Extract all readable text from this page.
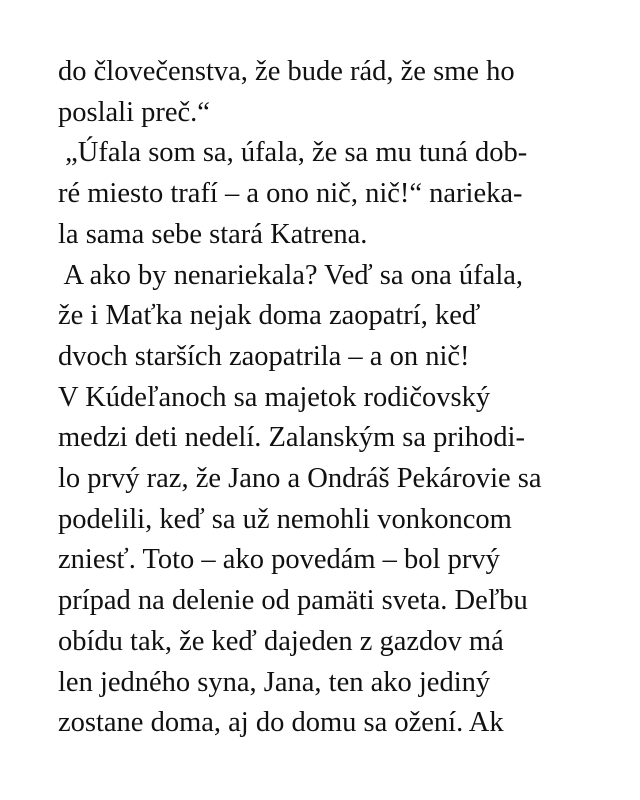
do človečenstva, že bude rád, že sme ho
poslali preč.“
„Úfala som sa, úfala, že sa mu tuná dob-
ré miesto trafí – a ono nič, nič!“ narieka-
la sama sebe stará Katrena.
A ako by nenariekala? Veď sa ona úfala,
že i Maťka nejak doma zaopatrí, keď
dvoch starších zaopatrila – a on nič!
V Kúdeľanoch sa majetok rodičovský
medzi deti nedelí. Zalanským sa prihodi-
lo prvý raz, že Jano a Ondráš Pekárovie sa
podelili, keď sa už nemohli vonkoncom
zniesť. Toto – ako povedám – bol prvý
prípad na delenie od pamäti sveta. Deľbu
obídu tak, že keď dajeden z gazdov má
len jedného syna, Jana, ten ako jediný
zostane doma, aj do domu sa ožení. Ak
